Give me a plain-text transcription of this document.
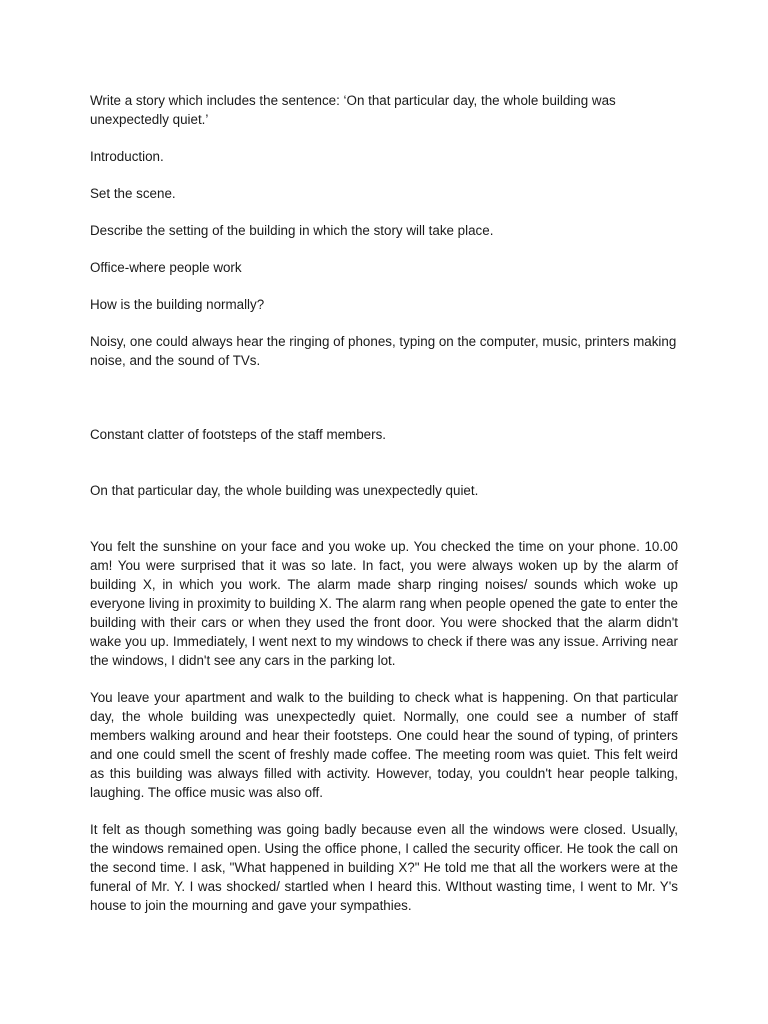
Write a story which includes the sentence: ‘On that particular day, the whole building was unexpectedly quiet.’

Introduction.

Set the scene.

Describe the setting of the building in which the story will take place.

Office-where people work

How is the building normally?

Noisy, one could always hear the ringing of phones, typing on the computer, music, printers making noise, and the sound of TVs.

Constant clatter of footsteps of the staff members.

On that particular day, the whole building was unexpectedly quiet.

You felt the sunshine on your face and you woke up. You checked the time on your phone. 10.00 am! You were surprised that it was so late. In fact, you were always woken up by the alarm of building X, in which you work. The alarm made sharp ringing noises/ sounds which woke up everyone living in proximity to building X. The alarm rang when people opened the gate to enter the building with their cars or when they used the front door. You were shocked that the alarm didn't wake you up. Immediately, I went next to my windows to check if there was any issue. Arriving near the windows, I didn't see any cars in the parking lot.

You leave your apartment and walk to the building to check what is happening. On that particular day, the whole building was unexpectedly quiet. Normally, one could see a number of staff members walking around and hear their footsteps. One could hear the sound of typing, of printers and one could smell the scent of freshly made coffee. The meeting room was quiet. This felt weird as this building was always filled with activity. However, today, you couldn't hear people talking, laughing. The office music was also off.

It felt as though something was going badly because even all the windows were closed. Usually, the windows remained open. Using the office phone, I called the security officer. He took the call on the second time. I ask, "What happened in building X?" He told me that all the workers were at the funeral of Mr. Y. I was shocked/ startled when I heard this. WIthout wasting time, I went to Mr. Y's house to join the mourning and gave your sympathies.
